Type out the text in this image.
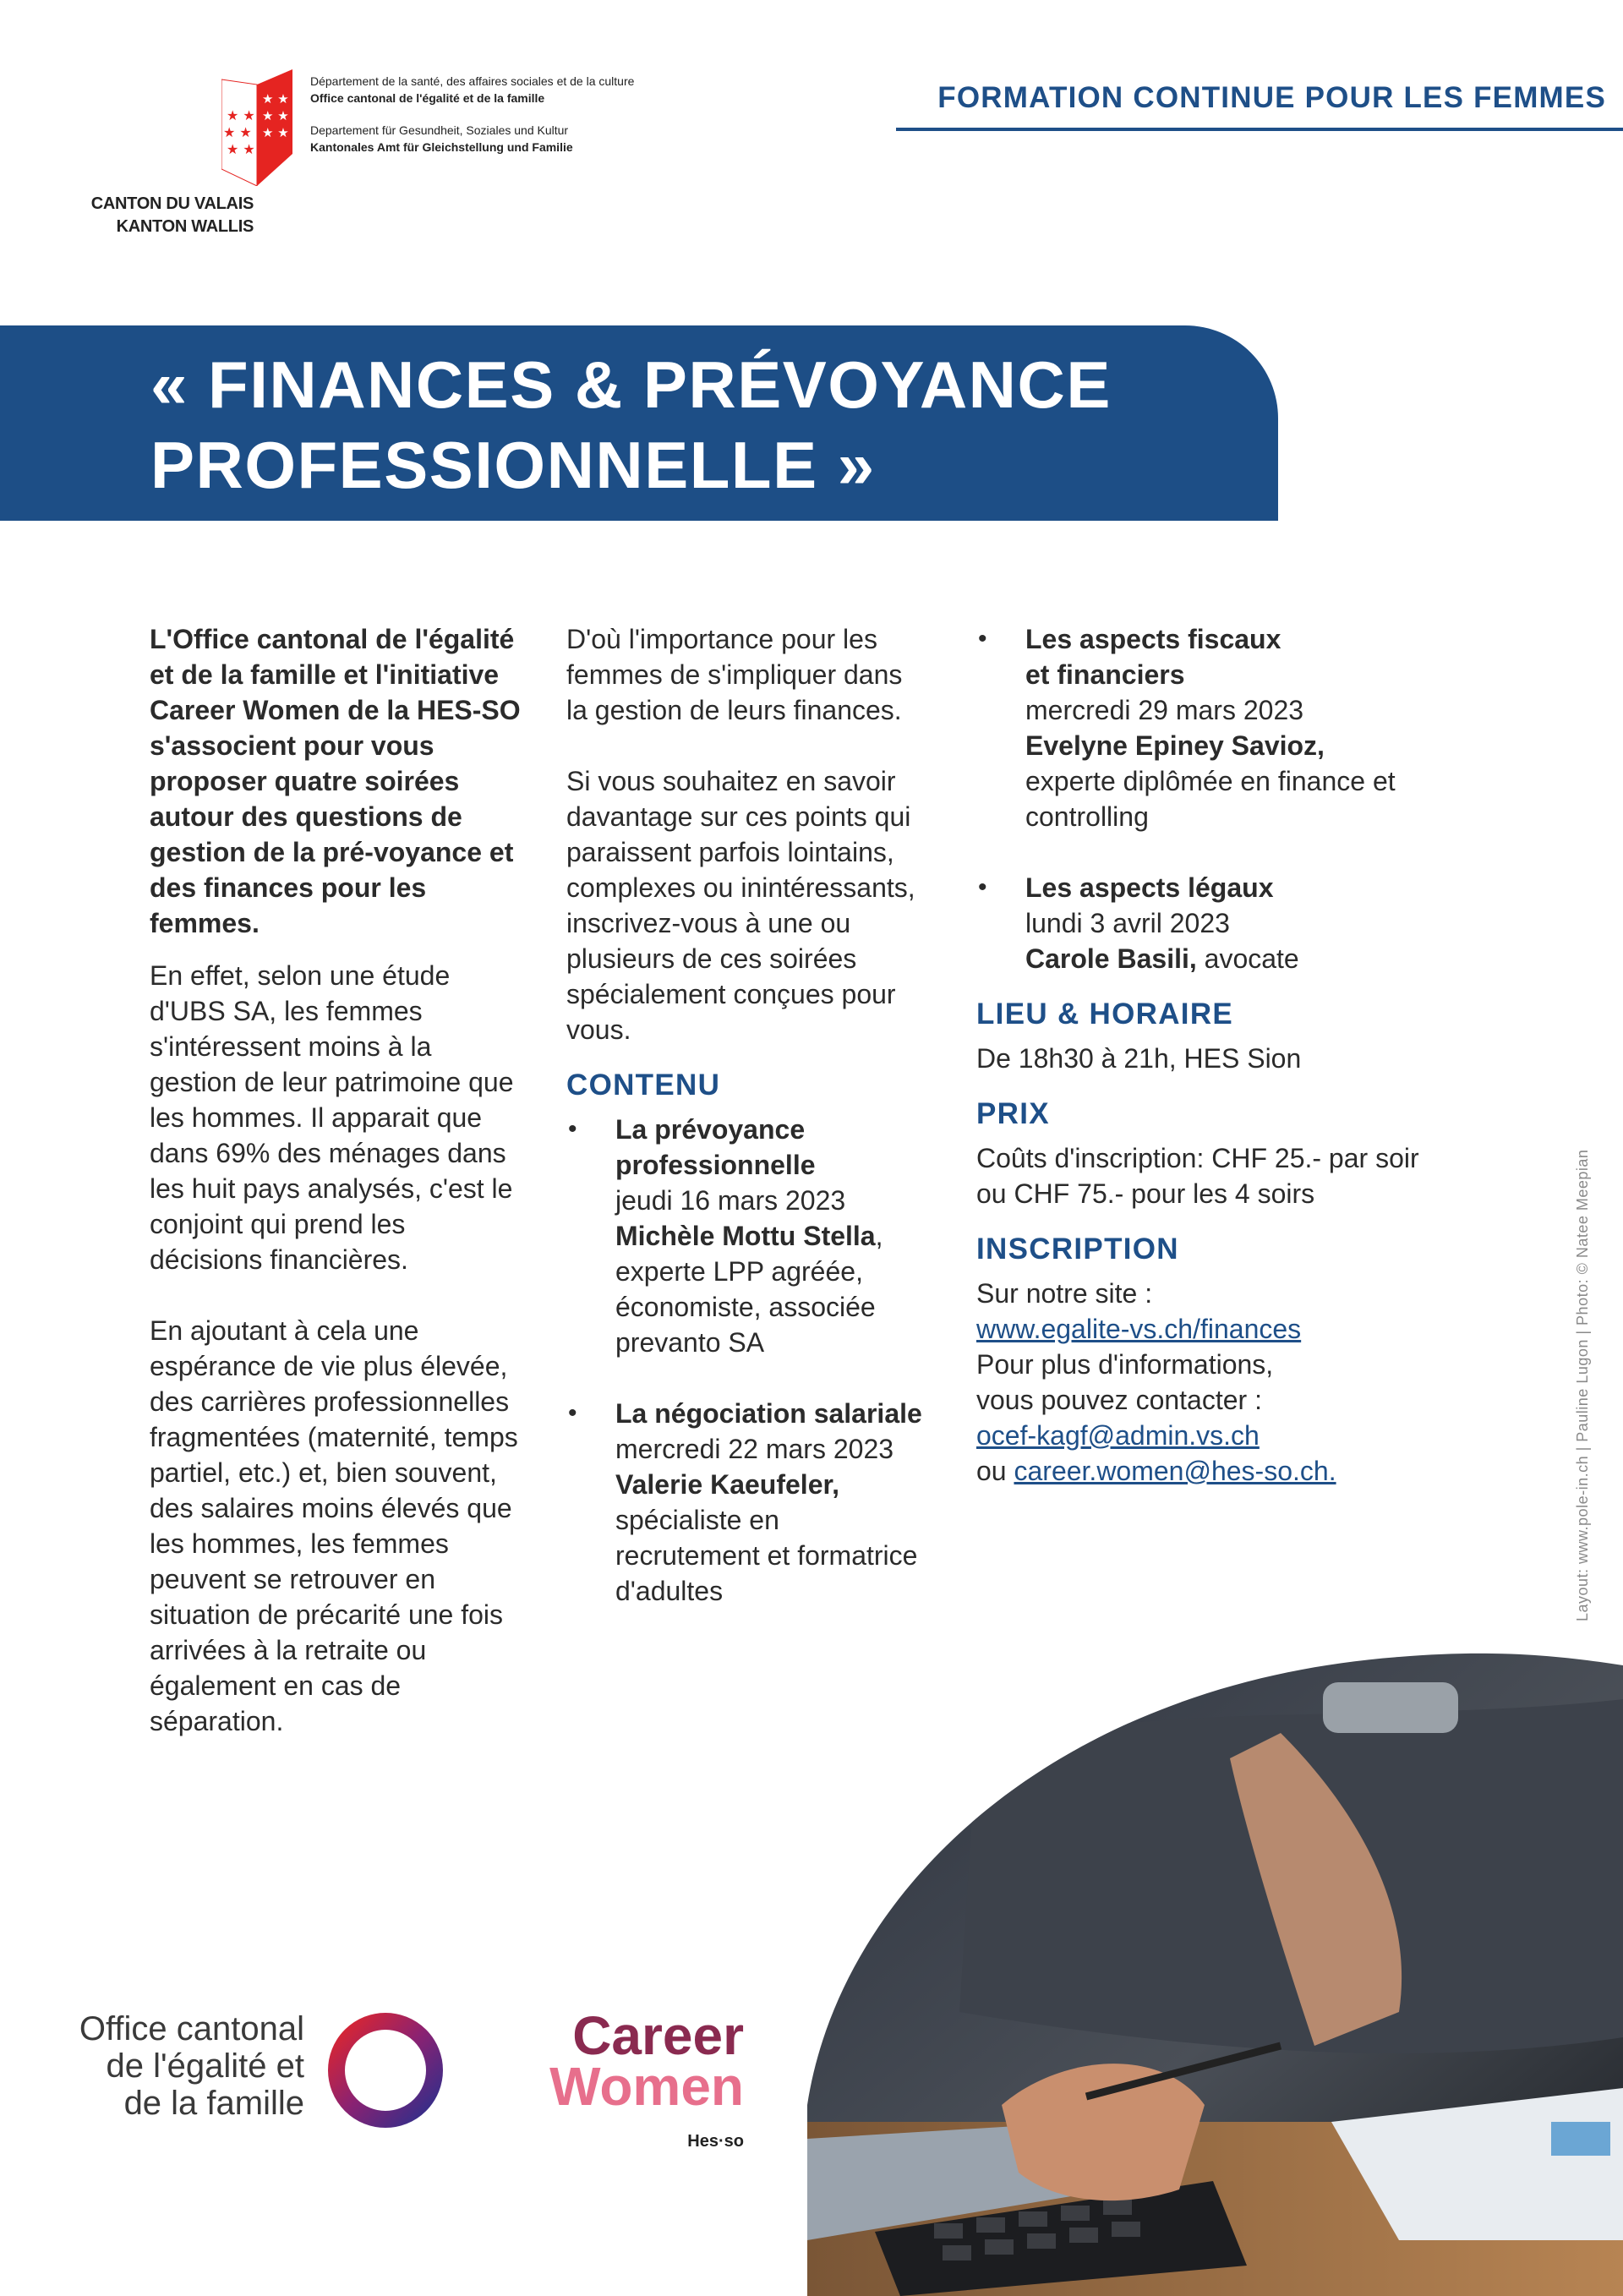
★ ★
★ ★ ★
★ ★
★ ★
★ ★
★ ★
Département de la santé, des affaires sociales et de la culture
Office cantonal de l'égalité et de la famille
Departement für Gesundheit, Soziales und Kultur
Kantonales Amt für Gleichstellung und Familie
CANTON DU VALAIS
KANTON WALLIS
FORMATION CONTINUE POUR LES FEMMES
« FINANCES & PRÉVOYANCE
PROFESSIONNELLE »

L'Office cantonal de l'égalité et de la famille et l'initiative Career Women de la HES-SO s'associent pour vous proposer quatre soirées autour des questions de gestion de la pré-voyance et des finances pour les femmes.

En effet, selon une étude d'UBS SA, les femmes s'intéressent moins à la gestion de leur patrimoine que les hommes. Il apparait que dans 69% des ménages dans les huit pays analysés, c'est le conjoint qui prend les décisions financières.

En ajoutant à cela une espérance de vie plus élevée, des carrières professionnelles fragmentées (maternité, temps partiel, etc.) et, bien souvent, des salaires moins élevés que les hommes, les femmes peuvent se retrouver en situation de précarité une fois arrivées à la retraite ou également en cas de séparation.

D'où l'importance pour les femmes de s'impliquer dans la gestion de leurs finances.

Si vous souhaitez en savoir davantage sur ces points qui paraissent parfois lointains, complexes ou inintéressants, inscrivez-vous à une ou plusieurs de ces soirées spécialement conçues pour vous.

CONTENU
• La prévoyance professionnelle
jeudi 16 mars 2023
Michèle Mottu Stella,
experte LPP agréée, économiste, associée prevanto SA
• La négociation salariale
mercredi 22 mars 2023
Valerie Kaeufeler,
spécialiste en recrutement et formatrice d'adultes
• Les aspects fiscaux et financiers
mercredi 29 mars 2023
Evelyne Epiney Savioz,
experte diplômée en finance et controlling
• Les aspects légaux
lundi 3 avril 2023
Carole Basili, avocate
LIEU & HORAIRE

De 18h30 à 21h, HES Sion

PRIX

Coûts d'inscription: CHF 25.- par soir ou CHF 75.- pour les 4 soirs

INSCRIPTION

Sur notre site :

www.egalite-vs.ch/finances

Pour plus d'informations, vous pouvez contacter :

ocef-kagf@admin.vs.ch

ou career.women@hes-so.ch.	Layout: www.pole-in.ch | Pauline Lugon | Photo: © Natee Meepian
Office cantonal
de l'égalité et
de la famille
Career
Women
Hes·so
